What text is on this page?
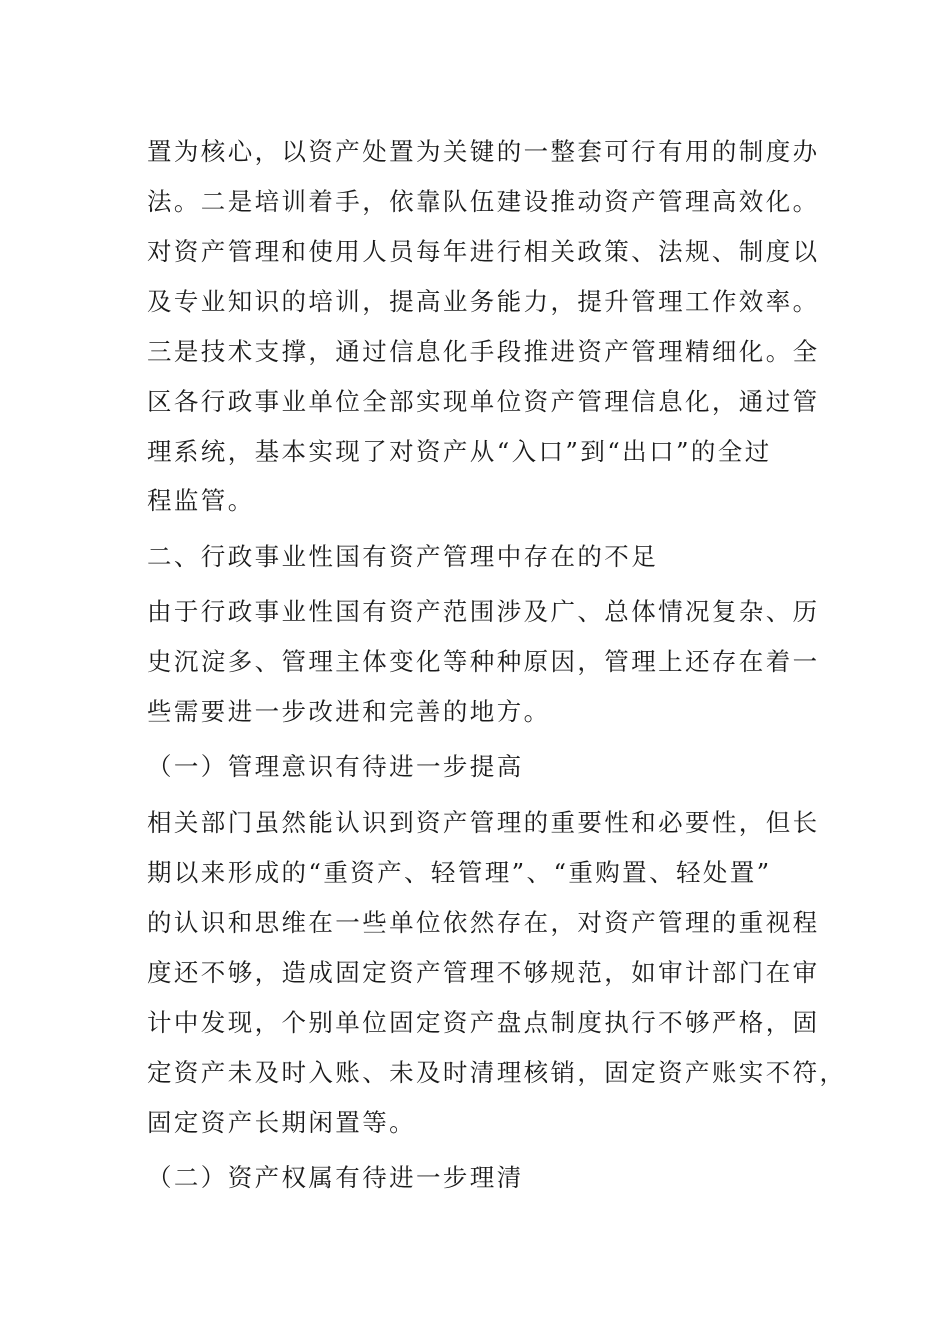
置为核心，以资产处置为关键的一整套可行有用的制度办
法。二是培训着手，依靠队伍建设推动资产管理高效化。
对资产管理和使用人员每年进行相关政策、法规、制度以
及专业知识的培训，提高业务能力，提升管理工作效率。
三是技术支撑，通过信息化手段推进资产管理精细化。全
区各行政事业单位全部实现单位资产管理信息化，通过管
理系统，基本实现了对资产从“入口”到“出口”的全过
程监管。
二、行政事业性国有资产管理中存在的不足
由于行政事业性国有资产范围涉及广、总体情况复杂、历
史沉淀多、管理主体变化等种种原因，管理上还存在着一
些需要进一步改进和完善的地方。
（一）管理意识有待进一步提高
相关部门虽然能认识到资产管理的重要性和必要性，但长
期以来形成的“重资产、轻管理”、“重购置、轻处置”
的认识和思维在一些单位依然存在，对资产管理的重视程
度还不够，造成固定资产管理不够规范，如审计部门在审
计中发现，个别单位固定资产盘点制度执行不够严格，固
定资产未及时入账、未及时清理核销，固定资产账实不符，
固定资产长期闲置等。
（二）资产权属有待进一步理清
